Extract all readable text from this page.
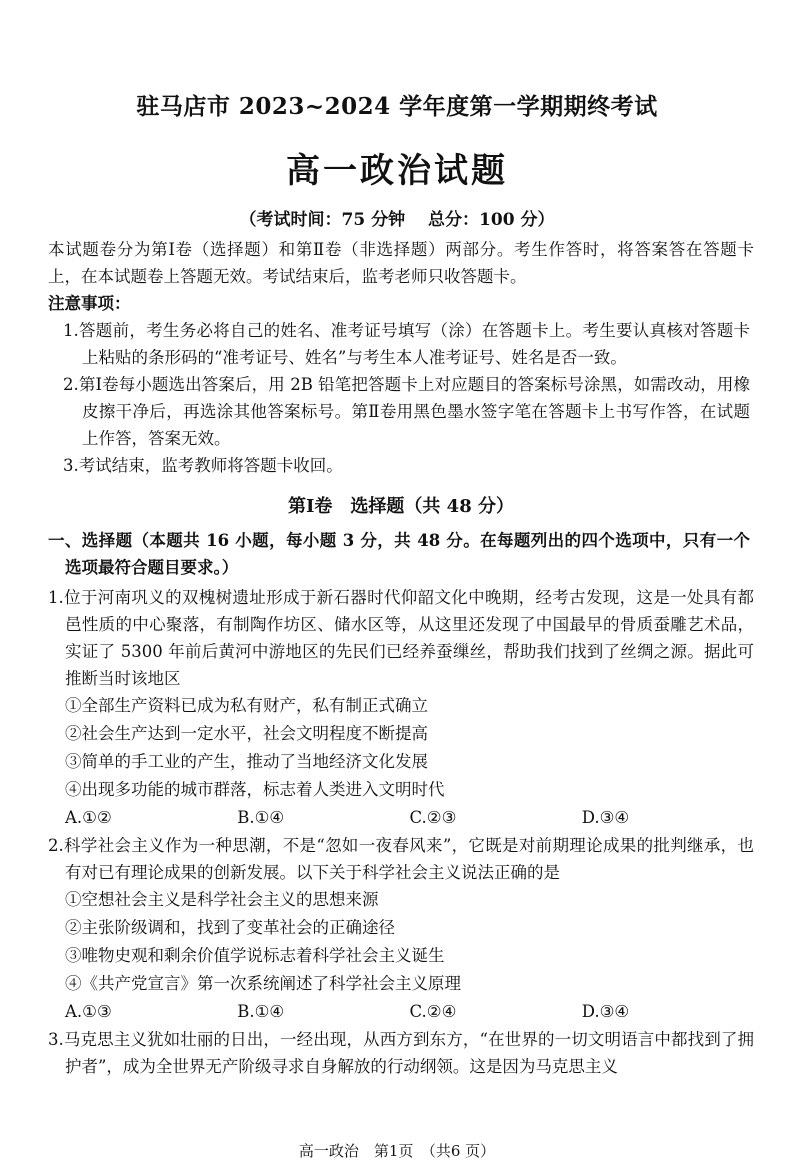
驻马店市 2023~2024 学年度第一学期期终考试
高一政治试题
（考试时间：75 分钟　 总分：100 分）

本试题卷分为第Ⅰ卷（选择题）和第Ⅱ卷（非选择题）两部分。考生作答时，将答案答在答题卡上，在本试题卷上答题无效。考试结束后，监考老师只收答题卡。

注意事项：

1.答题前，考生务必将自己的姓名、准考证号填写（涂）在答题卡上。考生要认真核对答题卡上粘贴的条形码的“准考证号、姓名”与考生本人准考证号、姓名是否一致。

2.第Ⅰ卷每小题选出答案后，用 2B 铅笔把答题卡上对应题目的答案标号涂黑，如需改动，用橡皮擦干净后，再选涂其他答案标号。第Ⅱ卷用黑色墨水签字笔在答题卡上书写作答，在试题上作答，答案无效。

3.考试结束，监考教师将答题卡收回。

第Ⅰ卷　选择题（共 48 分）

一、选择题（本题共 16 小题，每小题 3 分，共 48 分。在每题列出的四个选项中，只有一个选项最符合题目要求。）

1.位于河南巩义的双槐树遗址形成于新石器时代仰韶文化中晚期，经考古发现，这是一处具有都邑性质的中心聚落，有制陶作坊区、储水区等，从这里还发现了中国最早的骨质蚕雕艺术品，实证了 5300 年前后黄河中游地区的先民们已经养蚕缫丝，帮助我们找到了丝绸之源。据此可推断当时该地区

①全部生产资料已成为私有财产，私有制正式确立
②社会生产达到一定水平，社会文明程度不断提高
③简单的手工业的产生，推动了当地经济文化发展
④出现多功能的城市群落，标志着人类进入文明时代
A.①②	B.①④	C.②③	D.③④

2.科学社会主义作为一种思潮，不是“忽如一夜春风来”，它既是对前期理论成果的批判继承，也有对已有理论成果的创新发展。以下关于科学社会主义说法正确的是

①空想社会主义是科学社会主义的思想来源
②主张阶级调和，找到了变革社会的正确途径
③唯物史观和剩余价值学说标志着科学社会主义诞生
④《共产党宣言》第一次系统阐述了科学社会主义原理
A.①③	B.①④	C.②④	D.③④

3.马克思主义犹如壮丽的日出，一经出现，从西方到东方，“在世界的一切文明语言中都找到了拥护者”，成为全世界无产阶级寻求自身解放的行动纲领。这是因为马克思主义

高一政治　第1页　（共6 页）
